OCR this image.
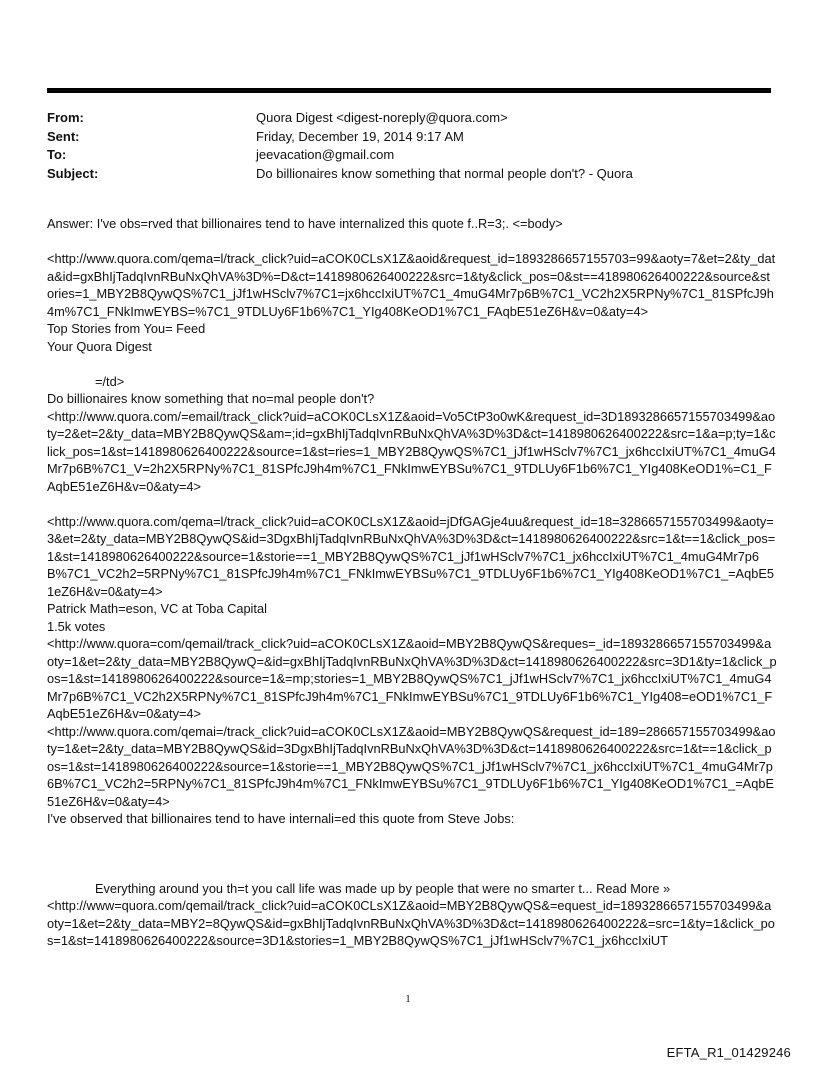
From:	Quora Digest <digest-noreply@quora.com>
Sent:	Friday, December 19, 2014 9:17 AM
To:	jeevacation@gmail.com
Subject:	Do billionaires know something that normal people don't? - Quora
Answer: I've obs=rved that billionaires tend to have internalized this quote f..R=3;. <=body>
<http://www.quora.com/qema=l/track_click?uid=aCOK0CLsX1Z&aoid&request_id=1893286657155703=99&aoty=7&et=2&ty_data&id=gxBhIjTadqIvnRBuNxQhVA%3D%=D&ct=1418980626400222&src=1&ty&click_pos=0&st==418980626400222&source&stories=1_MBY2B8QywQS%7C1_jJf1wHSclv7%7C1=jx6hccIxiUT%7C1_4muG4Mr7p6B%7C1_VC2h2X5RPNy%7C1_81SPfcJ9h4m%7C1_FNkImwEYBS=%7C1_9TDLUy6F1b6%7C1_YIg408KeOD1%7C1_FAqbE51eZ6H&v=0&aty=4>
Top Stories from You= Feed
Your Quora Digest
=/td>
Do billionaires know something that no=mal people don't?
<http://www.quora.com/=email/track_click?uid=aCOK0CLsX1Z&aoid=Vo5CtP3o0wK&request_id=3D1893286657155703499&aoty=2&et=2&ty_data=MBY2B8QywQS&am=;id=gxBhIjTadqIvnRBuNxQhVA%3D%3D&ct=1418980626400222&src=1&a=p;ty=1&click_pos=1&st=1418980626400222&source=1&st=ries=1_MBY2B8QywQS%7C1_jJf1wHSclv7%7C1_jx6hccIxiUT%7C1_4muG4Mr7p6B%7C1_V=2h2X5RPNy%7C1_81SPfcJ9h4m%7C1_FNkImwEYBSu%7C1_9TDLUy6F1b6%7C1_YIg408KeOD1%=C1_FAqbE51eZ6H&v=0&aty=4>
<http://www.quora.com/qema=l/track_click?uid=aCOK0CLsX1Z&aoid=jDfGAGje4uu&request_id=18=3286657155703499&aoty=3&et=2&ty_data=MBY2B8QywQS&id=3DgxBhIjTadqIvnRBuNxQhVA%3D%3D&ct=1418980626400222&src=1&t==1&click_pos=1&st=1418980626400222&source=1&storie==1_MBY2B8QywQS%7C1_jJf1wHSclv7%7C1_jx6hccIxiUT%7C1_4muG4Mr7p6B%7C1_VC2h2=5RPNy%7C1_81SPfcJ9h4m%7C1_FNkImwEYBSu%7C1_9TDLUy6F1b6%7C1_YIg408KeOD1%7C1_=AqbE51eZ6H&v=0&aty=4>
Patrick Math=eson, VC at Toba Capital
1.5k votes
<http://www.quora=com/qemail/track_click?uid=aCOK0CLsX1Z&aoid=MBY2B8QywQS&reques=_id=1893286657155703499&aoty=1&et=2&ty_data=MBY2B8QywQ=&id=gxBhIjTadqIvnRBuNxQhVA%3D%3D&ct=1418980626400222&src=3D1&ty=1&click_pos=1&st=1418980626400222&source=1&=mp;stories=1_MBY2B8QywQS%7C1_jJf1wHSclv7%7C1_jx6hccIxiUT%7C1_4muG4Mr7p6B%7C1_VC2h2X5RPNy%7C1_81SPfcJ9h4m%7C1_FNkImwEYBSu%7C1_9TDLUy6F1b6%7C1_YIg408=eOD1%7C1_FAqbE51eZ6H&v=0&aty=4>
<http://www.quora.com/qemai=/track_click?uid=aCOK0CLsX1Z&aoid=MBY2B8QywQS&request_id=189=286657155703499&aoty=1&et=2&ty_data=MBY2B8QywQS&id=3DgxBhIjTadqIvnRBuNxQhVA%3D%3D&ct=1418980626400222&src=1&t==1&click_pos=1&st=1418980626400222&source=1&storie==1_MBY2B8QywQS%7C1_jJf1wHSclv7%7C1_jx6hccIxiUT%7C1_4muG4Mr7p6B%7C1_VC2h2=5RPNy%7C1_81SPfcJ9h4m%7C1_FNkImwEYBSu%7C1_9TDLUy6F1b6%7C1_YIg408KeOD1%7C1_=AqbE51eZ6H&v=0&aty=4>
I've observed that billionaires tend to have internali=ed this quote from Steve Jobs:
Everything around you th=t you call life was made up by people that were no smarter t... Read More »
<http://www=quora.com/qemail/track_click?uid=aCOK0CLsX1Z&aoid=MBY2B8QywQS&=equest_id=1893286657155703499&aoty=1&et=2&ty_data=MBY2=8QywQS&id=gxBhIjTadqIvnRBuNxQhVA%3D%3D&ct=1418980626400222&=src=1&ty=1&click_pos=1&st=1418980626400222&source=3D1&stories=1_MBY2B8QywQS%7C1_jJf1wHSclv7%7C1_jx6hccIxiUT
1
EFTA_R1_01429246
